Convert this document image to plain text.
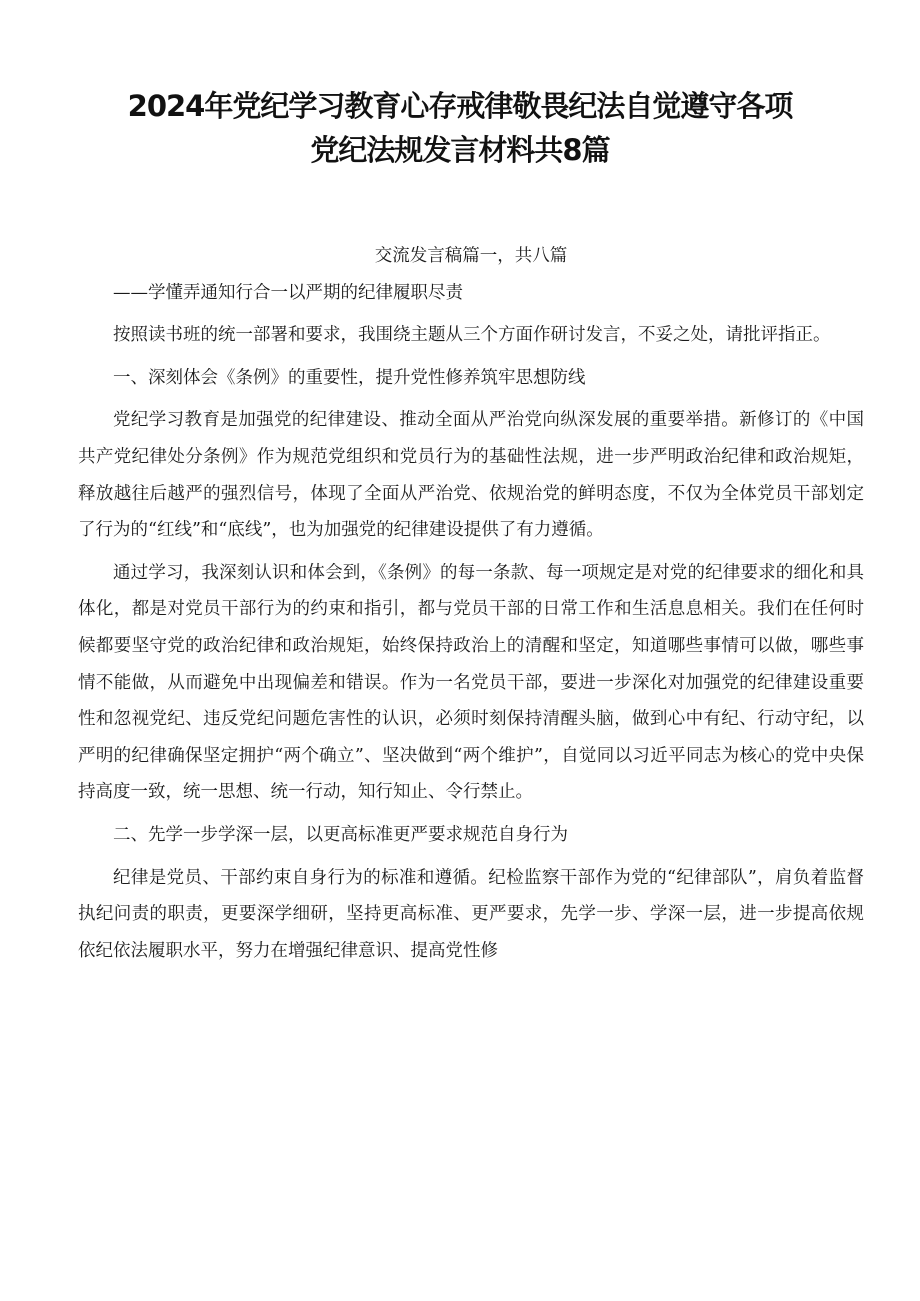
2024年党纪学习教育心存戒律敬畏纪法自觉遵守各项
党纪法规发言材料共8篇

交流发言稿篇一，共八篇

——学懂弄通知行合一以严期的纪律履职尽责

按照读书班的统一部署和要求，我围绕主题从三个方面作研讨发言，不妥之处，请批评指正。

一、深刻体会《条例》的重要性，提升党性修养筑牢思想防线

党纪学习教育是加强党的纪律建设、推动全面从严治党向纵深发展的重要举措。新修订的《中国共产党纪律处分条例》作为规范党组织和党员行为的基础性法规，进一步严明政治纪律和政治规矩，释放越往后越严的强烈信号，体现了全面从严治党、依规治党的鲜明态度，不仅为全体党员干部划定了行为的“红线”和“底线”，也为加强党的纪律建设提供了有力遵循。

通过学习，我深刻认识和体会到，《条例》的每一条款、每一项规定是对党的纪律要求的细化和具体化，都是对党员干部行为的约束和指引，都与党员干部的日常工作和生活息息相关。我们在任何时候都要坚守党的政治纪律和政治规矩，始终保持政治上的清醒和坚定，知道哪些事情可以做，哪些事情不能做，从而避免中出现偏差和错误。作为一名党员干部，要进一步深化对加强党的纪律建设重要性和忽视党纪、违反党纪问题危害性的认识，必须时刻保持清醒头脑，做到心中有纪、行动守纪，以严明的纪律确保坚定拥护“两个确立”、坚决做到“两个维护”，自觉同以习近平同志为核心的党中央保持高度一致，统一思想、统一行动，知行知止、令行禁止。

二、先学一步学深一层，以更高标准更严要求规范自身行为

纪律是党员、干部约束自身行为的标准和遵循。纪检监察干部作为党的“纪律部队”，肩负着监督执纪问责的职责，更要深学细研，坚持更高标准、更严要求，先学一步、学深一层，进一步提高依规依纪依法履职水平，努力在增强纪律意识、提高党性修
